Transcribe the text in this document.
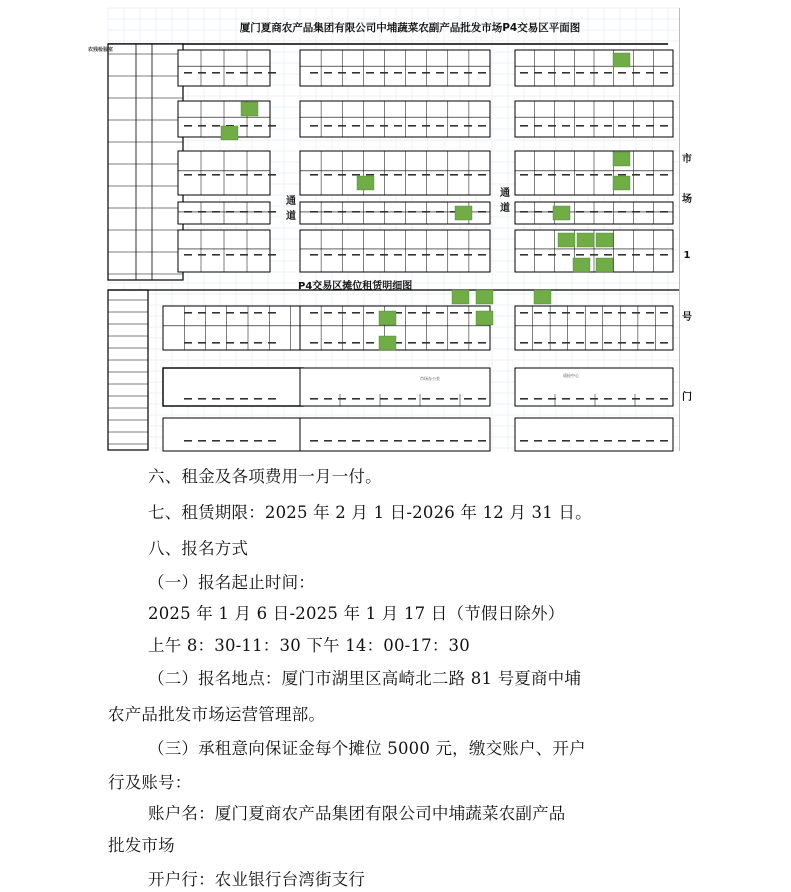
厦门夏商农产品集团有限公司中埔蔬菜农副产品批发市场P4交易区平面图
P4交易区摊位租赁明细图
农残检验室
通道
通道
市场办公室
质检中心
市
场
1
号
门
六、租金及各项费用一月一付。
七、租赁期限：2025 年 2 月 1 日-2026 年 12 月 31 日。
八、报名方式
（一）报名起止时间：
2025 年 1 月 6 日-2025 年 1 月 17 日（节假日除外）
上午 8：30-11：30 下午 14：00-17：30
（二）报名地点：厦门市湖里区高崎北二路 81 号夏商中埔
农产品批发市场运营管理部。
（三）承租意向保证金每个摊位 5000 元，缴交账户、开户
行及账号：
账户名：厦门夏商农产品集团有限公司中埔蔬菜农副产品
批发市场
开户行：农业银行台湾街支行
